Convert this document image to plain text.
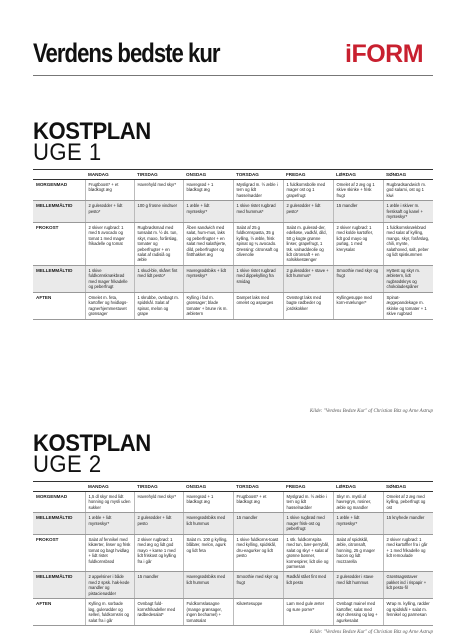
Verdens bedste kur	iFORM
KOSTPLAN
UGE 1
	MANDAG	TIRSDAG	ONSDAG	TORSDAG	FREDAG	LØRDAG	SØNDAG
MORGENMAD	Frugtboost* + et blødkogt æg	Havrehyld med skyr*	Havregrød + 1 blødkogt æg	Mysligrød m. ½ æble i tern og lidt hasselnødder	1 fuldkornsbolle med mager ost og 1 grapefrugt	Omelet af 2 æg og 1 skive skinke + frisk frugt	Rugbrødsandwich m. god salami, ost og 1 kiwi
MELLEMMÅLTID	2 gulerødder + lidt pesto*	100 g frosne vindruer	1 æble + lidt mynteskyr*	1 skive ristet rugbrød med hummus*	2 gulerødder + lidt pesto*	15 mandler	1 æble i skiver m. fersksaft og kanel + mynteskyr*
FROKOST	2 skiver rugbrød: 1 med 5 avocado og tomat 1 med mager frikadelle og tomat	Rugbrødsmad med tunsalat m. ½ ds. tun, skyr, maxo, forårsløg, tomater og peberfrugter + en salat af radisiå og æble	Åben sandwich med salat, hum-mus, laks og peberfrugter + en salat med salathjerte, dild, peberfrugter og fintthakket æg	Salat af 25 g fuldkornspasta, 35 g kylling, ½ æble, frisk spinat og ¼ avocado. Dressing: citronsaft og olivenolie	Salat m. gulerød-der, edelløse, vadkål, dild, 50 g kogte grønne linser, grapefrugt, 1 tsk. valnøddeolie og lidt citronsaft + en solsikkestænger	2 skiver rugbrød: 1 med kolde kartofler, lidt god mayo og purløg, 1 med krerysalat	1 fuldkornsknækbrød med salat af kylling, mango, skyr, forårsløg, chili, mynte, salathoved, salt, peber og lidt spiskummen
MELLEMMÅLTID	1 skive fuldkornsknækbrød med mager frikadelle og peberfrugt	1 skud-ble, skåret fint med lidt pesto*	Havregrødsbiks + lidt mynteskyr*	1 skive ristet rugbrød med dippekylling fra smidag	2 gulerødder + stave + lidt hummus*	Smoothie med skyr og frugt	Hyttest og skyr m. æbletern, lidt rugbrødskrys og chokoladespåner
AFTEN	Omelet m. feta, kartofler og hvidløgs-ragnerhjemmestuvet grønsager	1 skrubbe, ovnbagt m. spidskål. Salat af spinat, melon og grape	Kylling i fad m. grønsager; blade tomater + brune ris m. æbletern	Dampet laks med omelet og asparges	Ovnstegt laks med bagte rødbeder og jordskokker	Kyllingesuppe med korn-mælunger*	Spinat-æggepandekage m. skinke og tomater + 1 skive rugbrød
Kilde: "Verdens Bedste Kur" af Christian Bitz og Arne Astrup
KOSTPLAN
UGE 2
	MANDAG	TIRSDAG	ONSDAG	TORSDAG	FREDAG	LØRDAG	SØNDAG
MORGENMAD	1,5 dl skyr med lidt honning og mysli uden sukker	Havrehyld med skyr*	Havregrød + 1 blødkogt æg	Frugtboost* + et blødkogt æg	Myslgrød m. ½ æble i tern og lidt hasselnødder	Skyr m. mysli af havregryn, rosiner, æble og mandler	Omelet af 2 æg med kylling, peberfrugt og ost
MELLEMMÅLTID	1 æble + lidt mynteskyr*	2 gulerødder + lidt pesto	Havregrødsbiks med lidt hummus	15 mandler	1 skive rugbrød med mager frisk-ost og peberfrugt	1 æble + lidt mynteskyr*	15 knyhede mandler
FROKOST	Salat af fennikel med kikærter, linser og frisk tomat og bagt hvidløg + lidt ristet fuldkornsbrød	2 skiver rugbrød: 1 med æg og lidt god mayo + karse 1 med lidt friskost og kylling fra i går	Salat m. 100 g kylling, blåbær, melon, agurk og lidt feta	1 skive fuldkorns-toast med kylling, spidskål, dru-eagurker og lidt pesto	1 stk. fuldkornspita med tun, bær-perrybål, salat og skyr + salat af grønne bønner, kornespirer, lidt olie og parmesan	Salat af spidskål, æble, citronsaft, honning, 25 g mager bacon og lidt mozzarella	2 skiver rugbrød: 1 med kartoffler fra i går + 1 med frikadelle og lidt remoulade
MELLEMMÅLTID	2 appelsiner i både med 2 spsk. hak-kede mandler og pistacienødder	15 mandler	Havregrødsbiks med lidt hummus	Smoothie med skyr og frugt	Rødkål stået fint med lidt pesto	2 gulerødder i stave med lidt hummus	Grøntsagsstaver pakket ind i rispapir + lidt pesto-fil
AFTEN	Kylling m. sorbade løg, gulerødder og selleri, fuldkornsris og salat fra i går	Ovnbagt fuld-kornsfrikadeller med rødbedesalat*	Fuldkornslasagne (mange grønsager, ingen bechamel) + tomatsalat	Kikærtesuppe	Lam med gule ærter og sure porrer*	Ovnbagt mainel med kartofler, salat med skyr dressing og løg + agurkesalat	Wrap m. kylling, rødder og spidskål + salat m. fennikel og parmesan
Kilde: "Verdens Bedste Kur" af Christian Bitz og Arne Astrup
